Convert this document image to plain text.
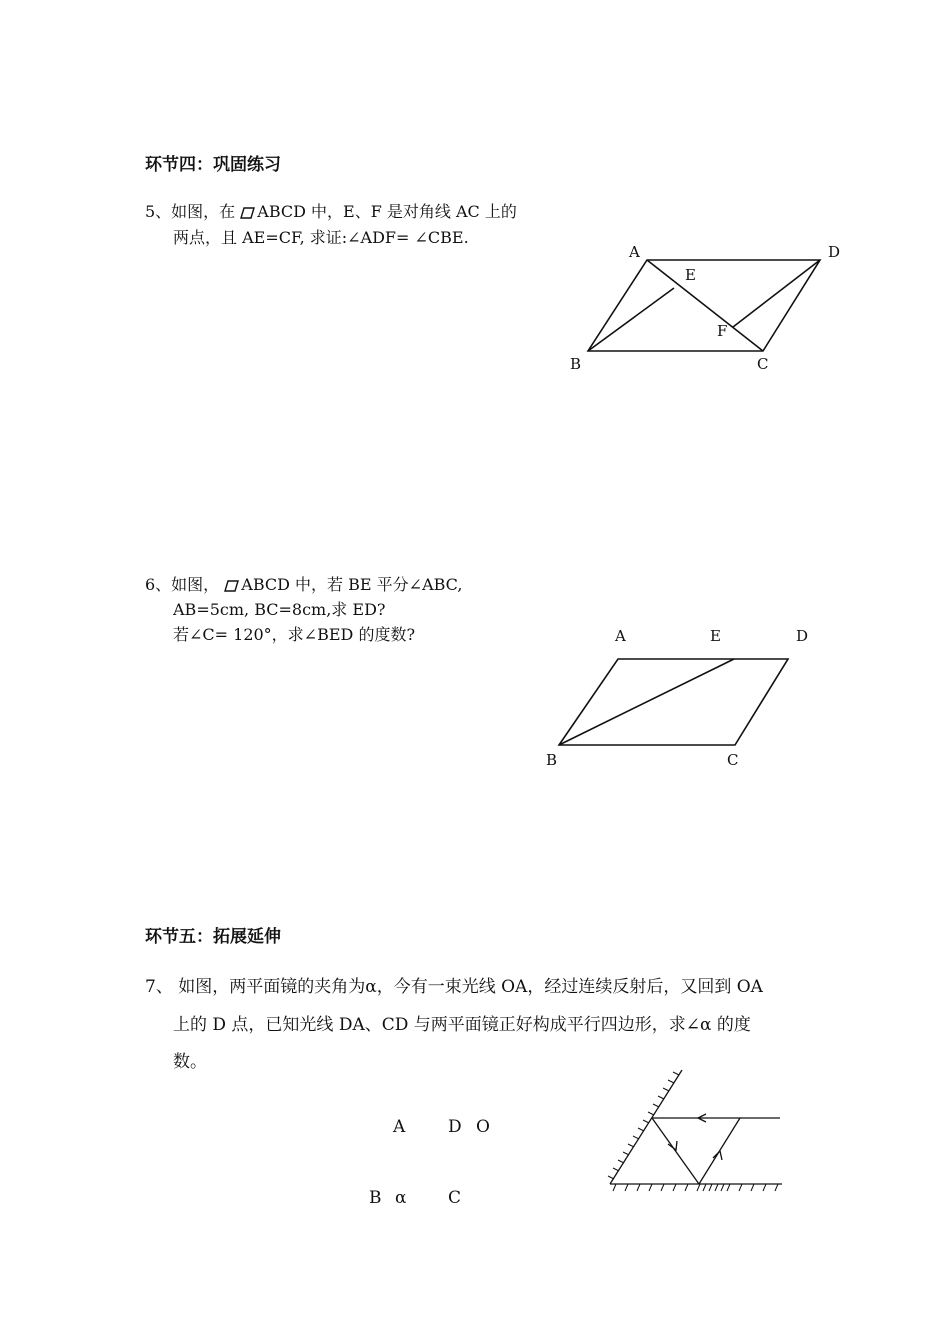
环节四：巩固练习
5、如图，在 ABCD 中，E、F 是对角线 AC 上的
两点，且 AE=CF, 求证:∠ADF= ∠CBE.
A	D
E
F
B	C
6、如图， ABCD 中，若 BE 平分∠ABC,
AB=5cm, BC=8cm,求 ED?
若∠C= 120°，求∠BED 的度数?	A	E	D
B	C
环节五：拓展延伸
7、 如图，两平面镜的夹角为α，今有一束光线 OA，经过连续反射后，又回到 OA
上的 D 点，已知光线 DA、CD 与两平面镜正好构成平行四边形，求∠α 的度
数。
A	D O
B α C
